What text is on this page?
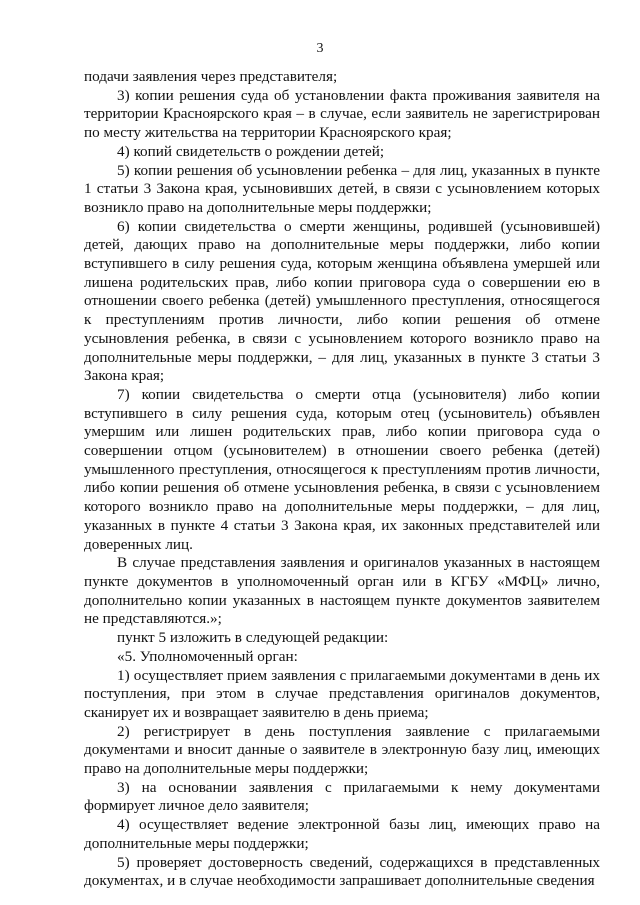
3

подачи заявления через представителя;

3) копии решения суда об установлении факта проживания заявителя на территории Красноярского края – в случае, если заявитель не зарегистрирован по месту жительства на территории Красноярского края;

4) копий свидетельств о рождении детей;

5) копии решения об усыновлении ребенка – для лиц, указанных в пункте 1 статьи 3 Закона края, усыновивших детей, в связи с усыновлением которых возникло право на дополнительные меры поддержки;

6) копии свидетельства о смерти женщины, родившей (усыновившей) детей, дающих право на дополнительные меры поддержки, либо копии вступившего в силу решения суда, которым женщина объявлена умершей или лишена родительских прав, либо копии приговора суда о совершении ею в отношении своего ребенка (детей) умышленного преступления, относящегося к преступлениям против личности, либо копии решения об отмене усыновления ребенка, в связи с усыновлением которого возникло право на дополнительные меры поддержки, – для лиц, указанных в пункте 3 статьи 3 Закона края;

7) копии свидетельства о смерти отца (усыновителя) либо копии вступившего в силу решения суда, которым отец (усыновитель) объявлен умершим или лишен родительских прав, либо копии приговора суда о совершении отцом (усыновителем) в отношении своего ребенка (детей) умышленного преступления, относящегося к преступлениям против личности, либо копии решения об отмене усыновления ребенка, в связи с усыновлением которого возникло право на дополнительные меры поддержки, – для лиц, указанных в пункте 4 статьи 3 Закона края, их законных представителей или доверенных лиц.

В случае представления заявления и оригиналов указанных в настоящем пункте документов в уполномоченный орган или в КГБУ «МФЦ» лично, дополнительно копии указанных в настоящем пункте документов заявителем не представляются.»;

пункт 5 изложить в следующей редакции:

«5. Уполномоченный орган:

1) осуществляет прием заявления с прилагаемыми документами в день их поступления, при этом в случае представления оригиналов документов, сканирует их и возвращает заявителю в день приема;

2) регистрирует в день поступления заявление с прилагаемыми документами и вносит данные о заявителе в электронную базу лиц, имеющих право на дополнительные меры поддержки;

3) на основании заявления с прилагаемыми к нему документами формирует личное дело заявителя;

4) осуществляет ведение электронной базы лиц, имеющих право на дополнительные меры поддержки;

5) проверяет достоверность сведений, содержащихся в представленных документах, и в случае необходимости запрашивает дополнительные сведения
